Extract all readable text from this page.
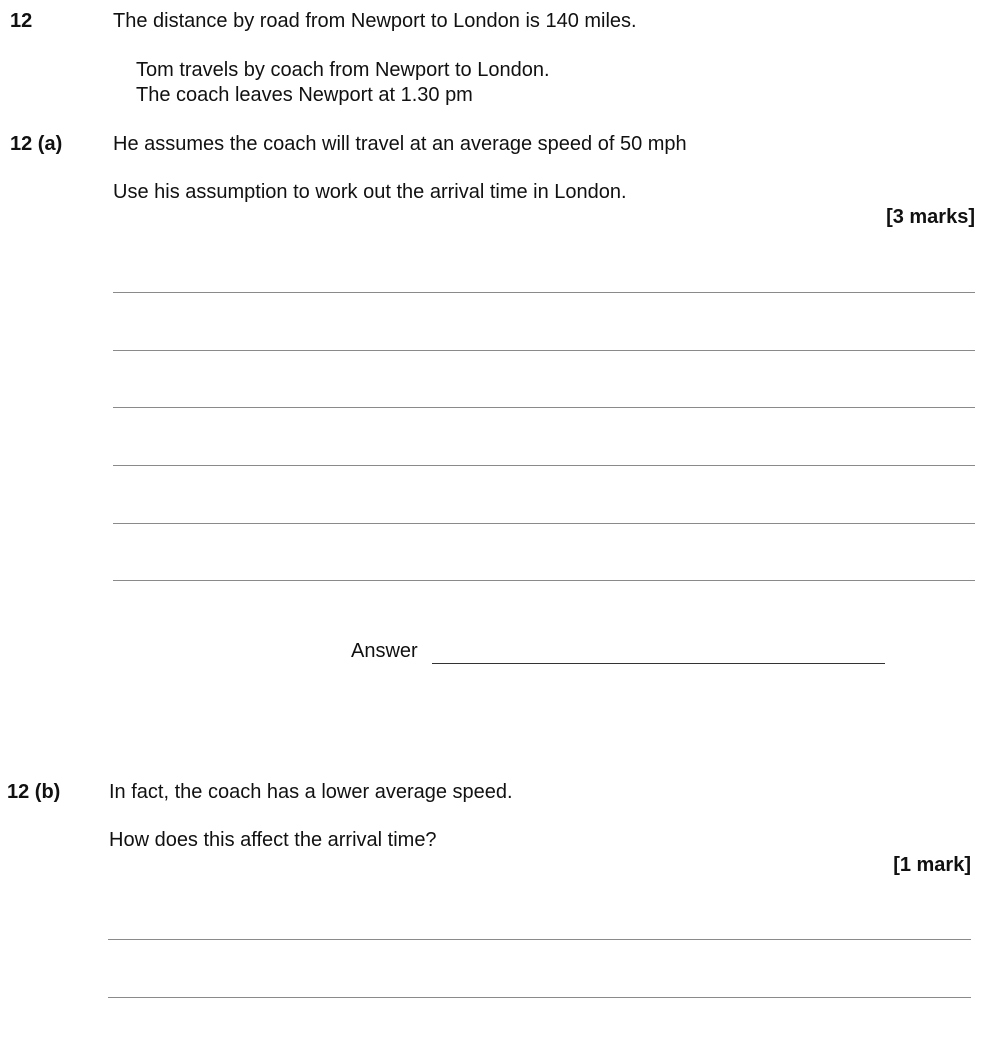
12	The distance by road from Newport to London is 140 miles.
Tom travels by coach from Newport to London.
The coach leaves Newport at 1.30 pm
12 (a)	He assumes the coach will travel at an average speed of 50 mph
Use his assumption to work out the arrival time in London.
[3 marks]
Answer
12 (b) In fact, the coach has a lower average speed.
How does this affect the arrival time?
[1 mark]
